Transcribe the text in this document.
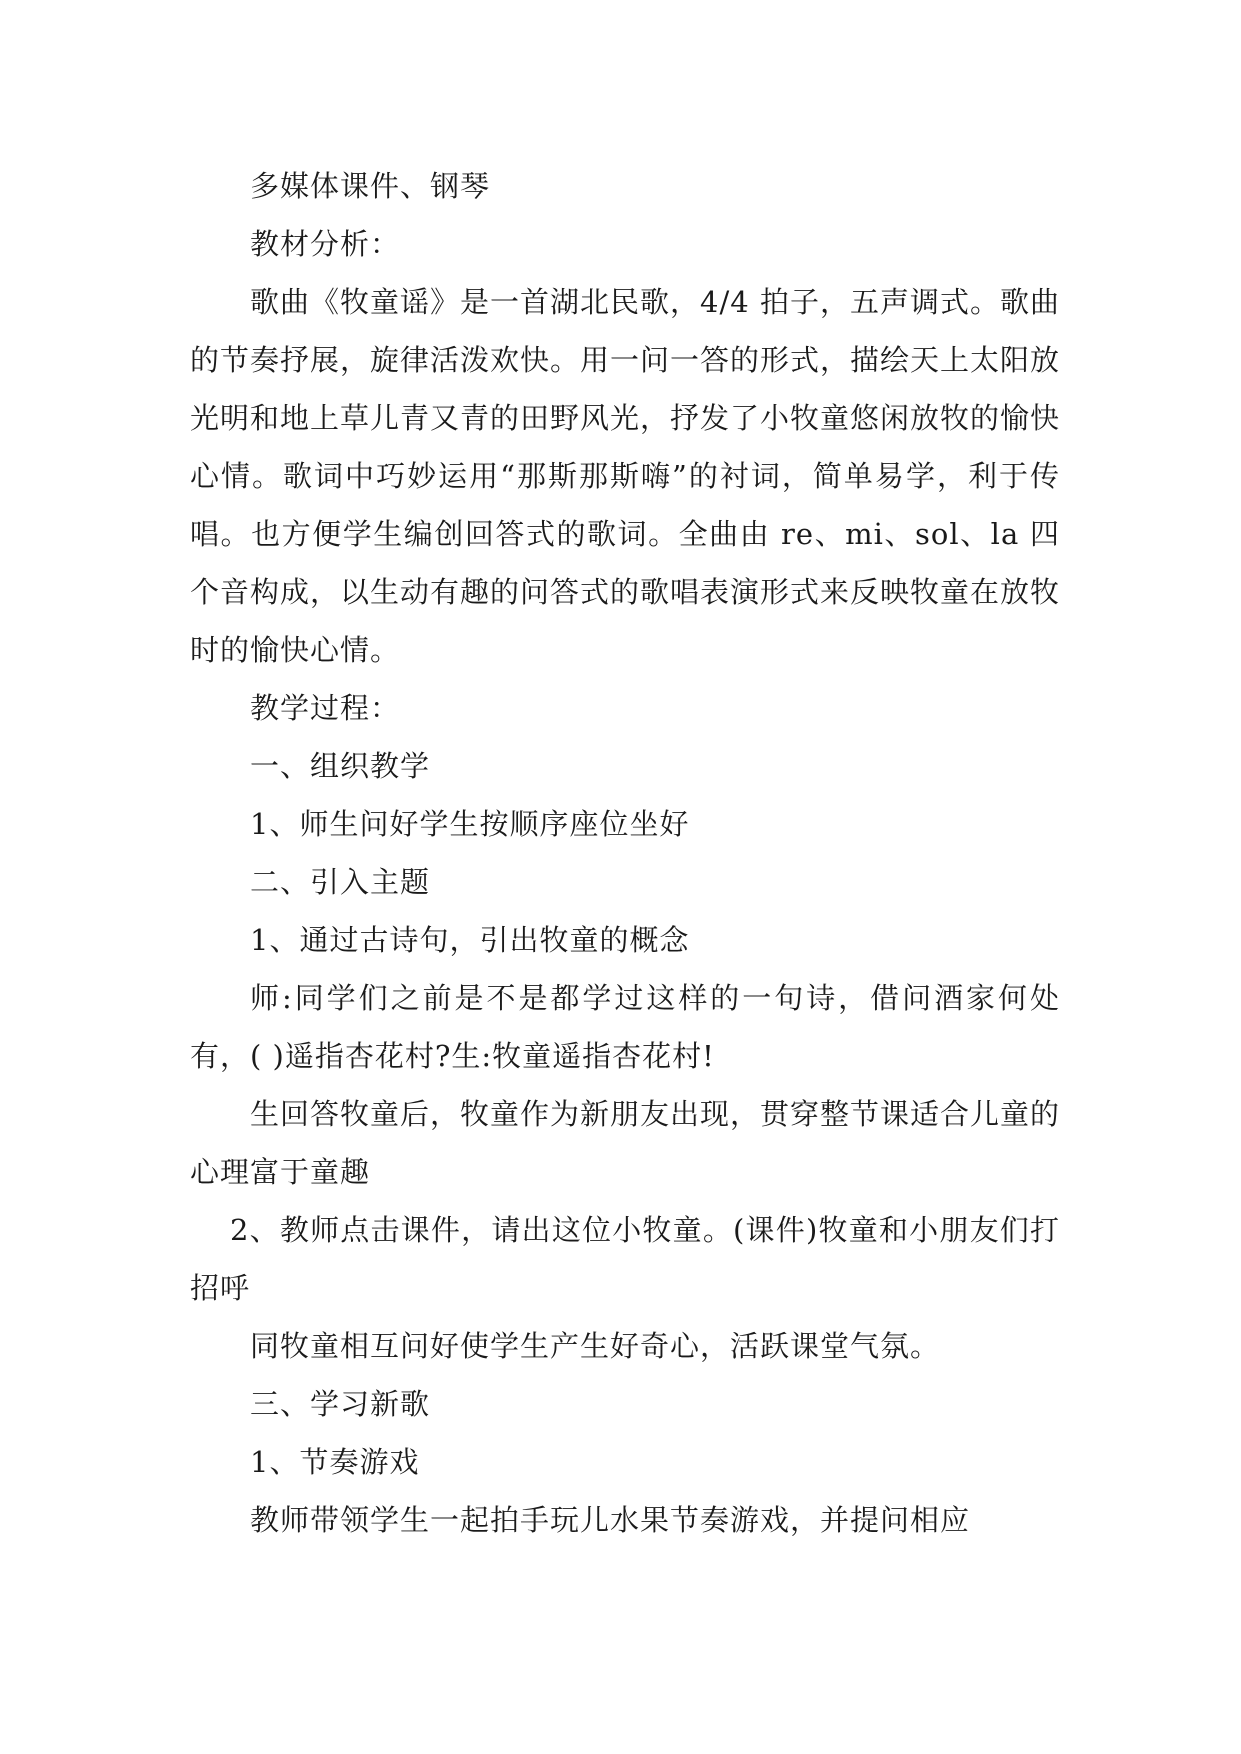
多媒体课件、钢琴

教材分析：

歌曲《牧童谣》是一首湖北民歌，4/4 拍子，五声调式。歌曲的节奏抒展，旋律活泼欢快。用一问一答的形式，描绘天上太阳放光明和地上草儿青又青的田野风光，抒发了小牧童悠闲放牧的愉快心情。歌词中巧妙运用“那斯那斯嗨”的衬词，简单易学，利于传唱。也方便学生编创回答式的歌词。全曲由 re、mi、sol、la 四个音构成，以生动有趣的问答式的歌唱表演形式来反映牧童在放牧时的愉快心情。

教学过程：

一、组织教学

1、师生问好学生按顺序座位坐好

二、引入主题

1、通过古诗句，引出牧童的概念

师:同学们之前是不是都学过这样的一句诗，借问酒家何处有，( )遥指杏花村?生:牧童遥指杏花村!

生回答牧童后，牧童作为新朋友出现，贯穿整节课适合儿童的心理富于童趣

2、教师点击课件，请出这位小牧童。(课件)牧童和小朋友们打招呼

同牧童相互问好使学生产生好奇心，活跃课堂气氛。

三、学习新歌

1、节奏游戏

教师带领学生一起拍手玩儿水果节奏游戏，并提问相应
